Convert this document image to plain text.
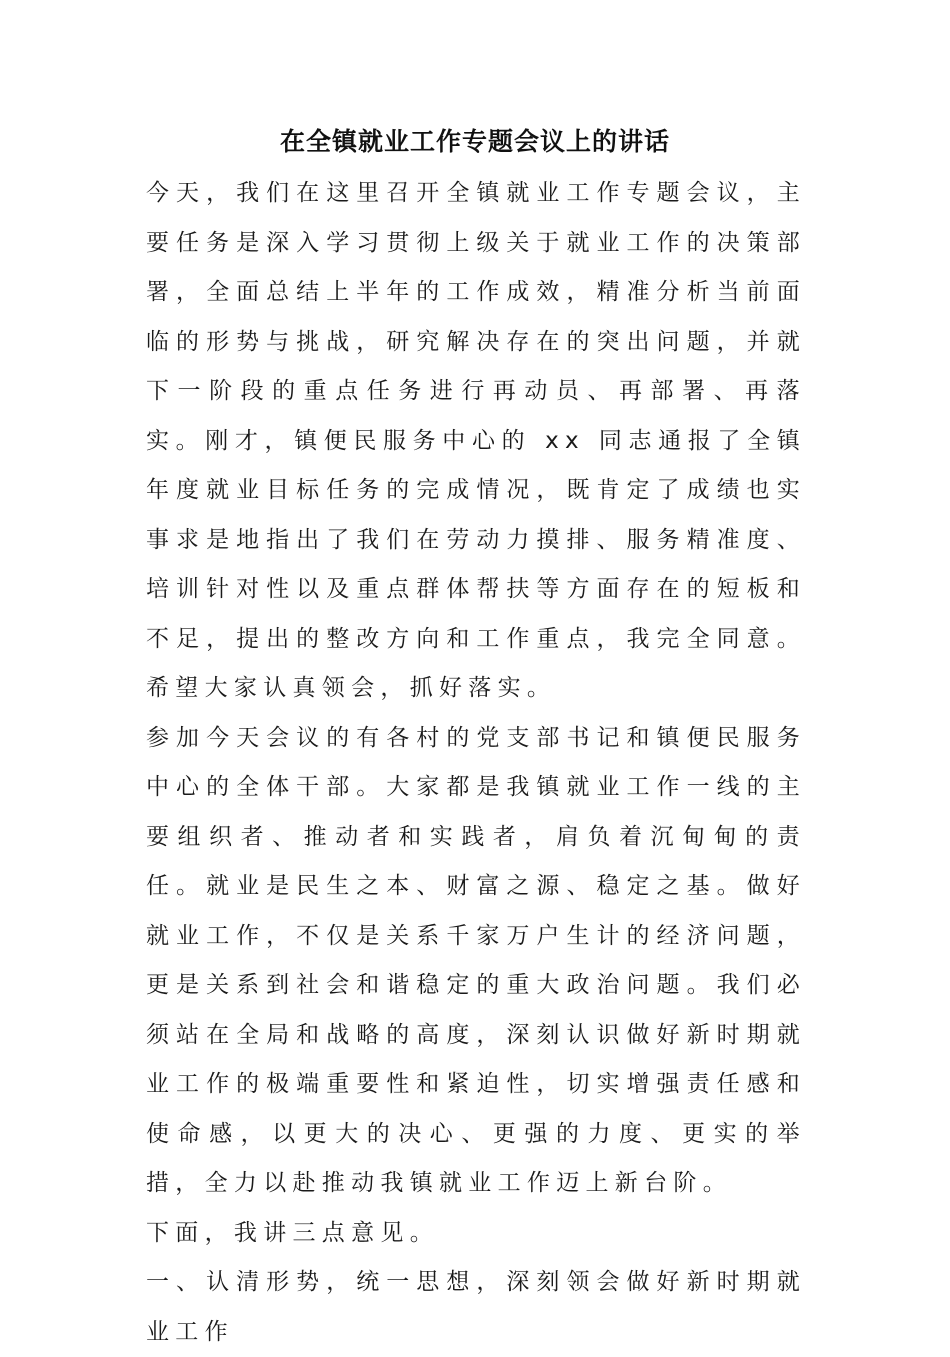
在全镇就业工作专题会议上的讲话

今天，我们在这里召开全镇就业工作专题会议，主要任务是深入学习贯彻上级关于就业工作的决策部署，全面总结上半年的工作成效，精准分析当前面临的形势与挑战，研究解决存在的突出问题，并就下一阶段的重点任务进行再动员、再部署、再落实。刚才，镇便民服务中心的 xx 同志通报了全镇年度就业目标任务的完成情况，既肯定了成绩也实事求是地指出了我们在劳动力摸排、服务精准度、培训针对性以及重点群体帮扶等方面存在的短板和不足，提出的整改方向和工作重点，我完全同意。希望大家认真领会，抓好落实。

参加今天会议的有各村的党支部书记和镇便民服务中心的全体干部。大家都是我镇就业工作一线的主要组织者、推动者和实践者，肩负着沉甸甸的责任。就业是民生之本、财富之源、稳定之基。做好就业工作，不仅是关系千家万户生计的经济问题，更是关系到社会和谐稳定的重大政治问题。我们必须站在全局和战略的高度，深刻认识做好新时期就业工作的极端重要性和紧迫性，切实增强责任感和使命感，以更大的决心、更强的力度、更实的举措，全力以赴推动我镇就业工作迈上新台阶。

下面，我讲三点意见。

一、认清形势，统一思想，深刻领会做好新时期就业工作
